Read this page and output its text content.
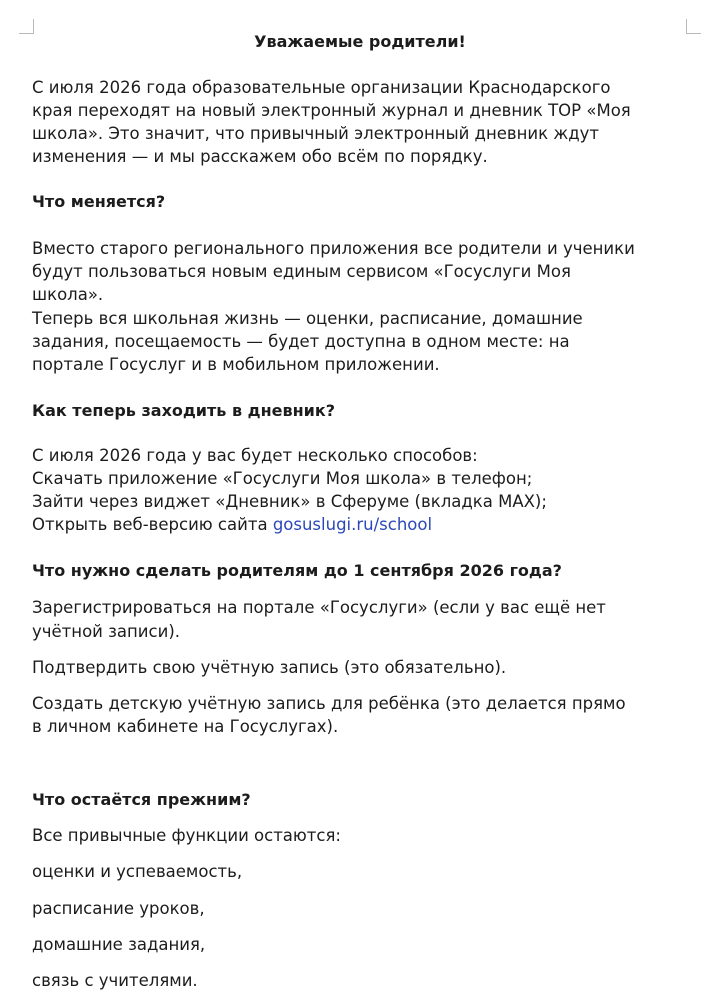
Уважаемые родители!

С июля 2026 года образовательные организации Краснодарского

края переходят на новый электронный журнал и дневник ТОР «Моя

школа». Это значит, что привычный электронный дневник ждут

изменения — и мы расскажем обо всём по порядку.

Что меняется?

Вместо старого регионального приложения все родители и ученики

будут пользоваться новым единым сервисом «Госуслуги Моя

школа».

Теперь вся школьная жизнь — оценки, расписание, домашние

задания, посещаемость — будет доступна в одном месте: на

портале Госуслуг и в мобильном приложении.

Как теперь заходить в дневник?

С июля 2026 года у вас будет несколько способов:

Скачать приложение «Госуслуги Моя школа» в телефон;

Зайти через виджет «Дневник» в Сферуме (вкладка MAX);

Открыть веб-версию сайта gosuslugi.ru/school

Что нужно сделать родителям до 1 сентября 2026 года?

Зарегистрироваться на портале «Госуслуги» (если у вас ещё нет

учётной записи).

Подтвердить свою учётную запись (это обязательно).

Создать детскую учётную запись для ребёнка (это делается прямо

в личном кабинете на Госуслугах).

Что остаётся прежним?

Все привычные функции остаются:

оценки и успеваемость,

расписание уроков,

домашние задания,

связь с учителями.
